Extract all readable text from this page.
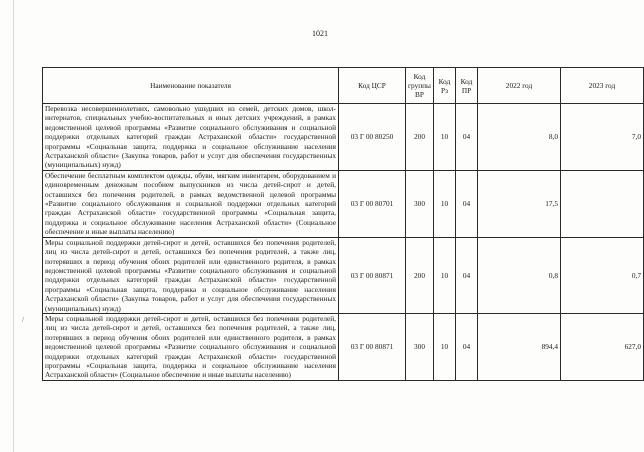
1021
/
Наименование показателя	Код ЦСР	Код группы ВР	Код Рз	Код ПР	2022 год	2023 год
Перевозка несовершеннолетних, самовольно ушедших из семей, детских домов, школ-интернатов, специальных учебно-воспитательных и иных детских учреждений, в рамках ведомственной целевой программы «Развитие социального обслуживания и социальной поддержки отдельных категорий граждан Астраханской области» государственной программы «Социальная защита, поддержка и социальное обслуживание населения Астраханской области» (Закупка товаров, работ и услуг для обеспечения государственных (муниципальных) нужд)	03 Г 00 80250	200	10	04	8,0	7,0
Обеспечение бесплатным комплектом одежды, обуви, мягким инвентарем, оборудованием и единовременным денежным пособием выпускников из числа детей-сирот и детей, оставшихся без попечения родителей, в рамках ведомственной целевой программы «Развитие социального обслуживания и социальной поддержки отдельных категорий граждан Астраханской области» государственной программы «Социальная защита, поддержка и социальное обслуживание населения Астраханской области» (Социальное обеспечение и иные выплаты населению)	03 Г 00 80701	300	10	04	17,5	
Меры социальной поддержки детей-сирот и детей, оставшихся без попечения родителей, лиц из числа детей-сирот и детей, оставшихся без попечения родителей, а также лиц, потерявших в период обучения обоих родителей или единственного родителя, в рамках ведомственной целевой программы «Развитие социального обслуживания и социальной поддержки отдельных категорий граждан Астраханской области» государственной программы «Социальная защита, поддержка и социальное обслуживание населения Астраханской области» (Закупка товаров, работ и услуг для обеспечения государственных (муниципальных) нужд)	03 Г 00 80871	200	10	04	0,8	0,7
Меры социальной поддержки детей-сирот и детей, оставшихся без попечения родителей, лиц из числа детей-сирот и детей, оставшихся без попечения родителей, а также лиц, потерявших в период обучения обоих родителей или единственного родителя, в рамках ведомственной целевой программы «Развитие социального обслуживания и социальной поддержки отдельных категорий граждан Астраханской области» государственной программы «Социальная защита, поддержка и социальное обслуживание населения Астраханской области» (Социальное обеспечение и иные выплаты населению)	03 Г 00 80871	300	10	04	894,4	627,0
